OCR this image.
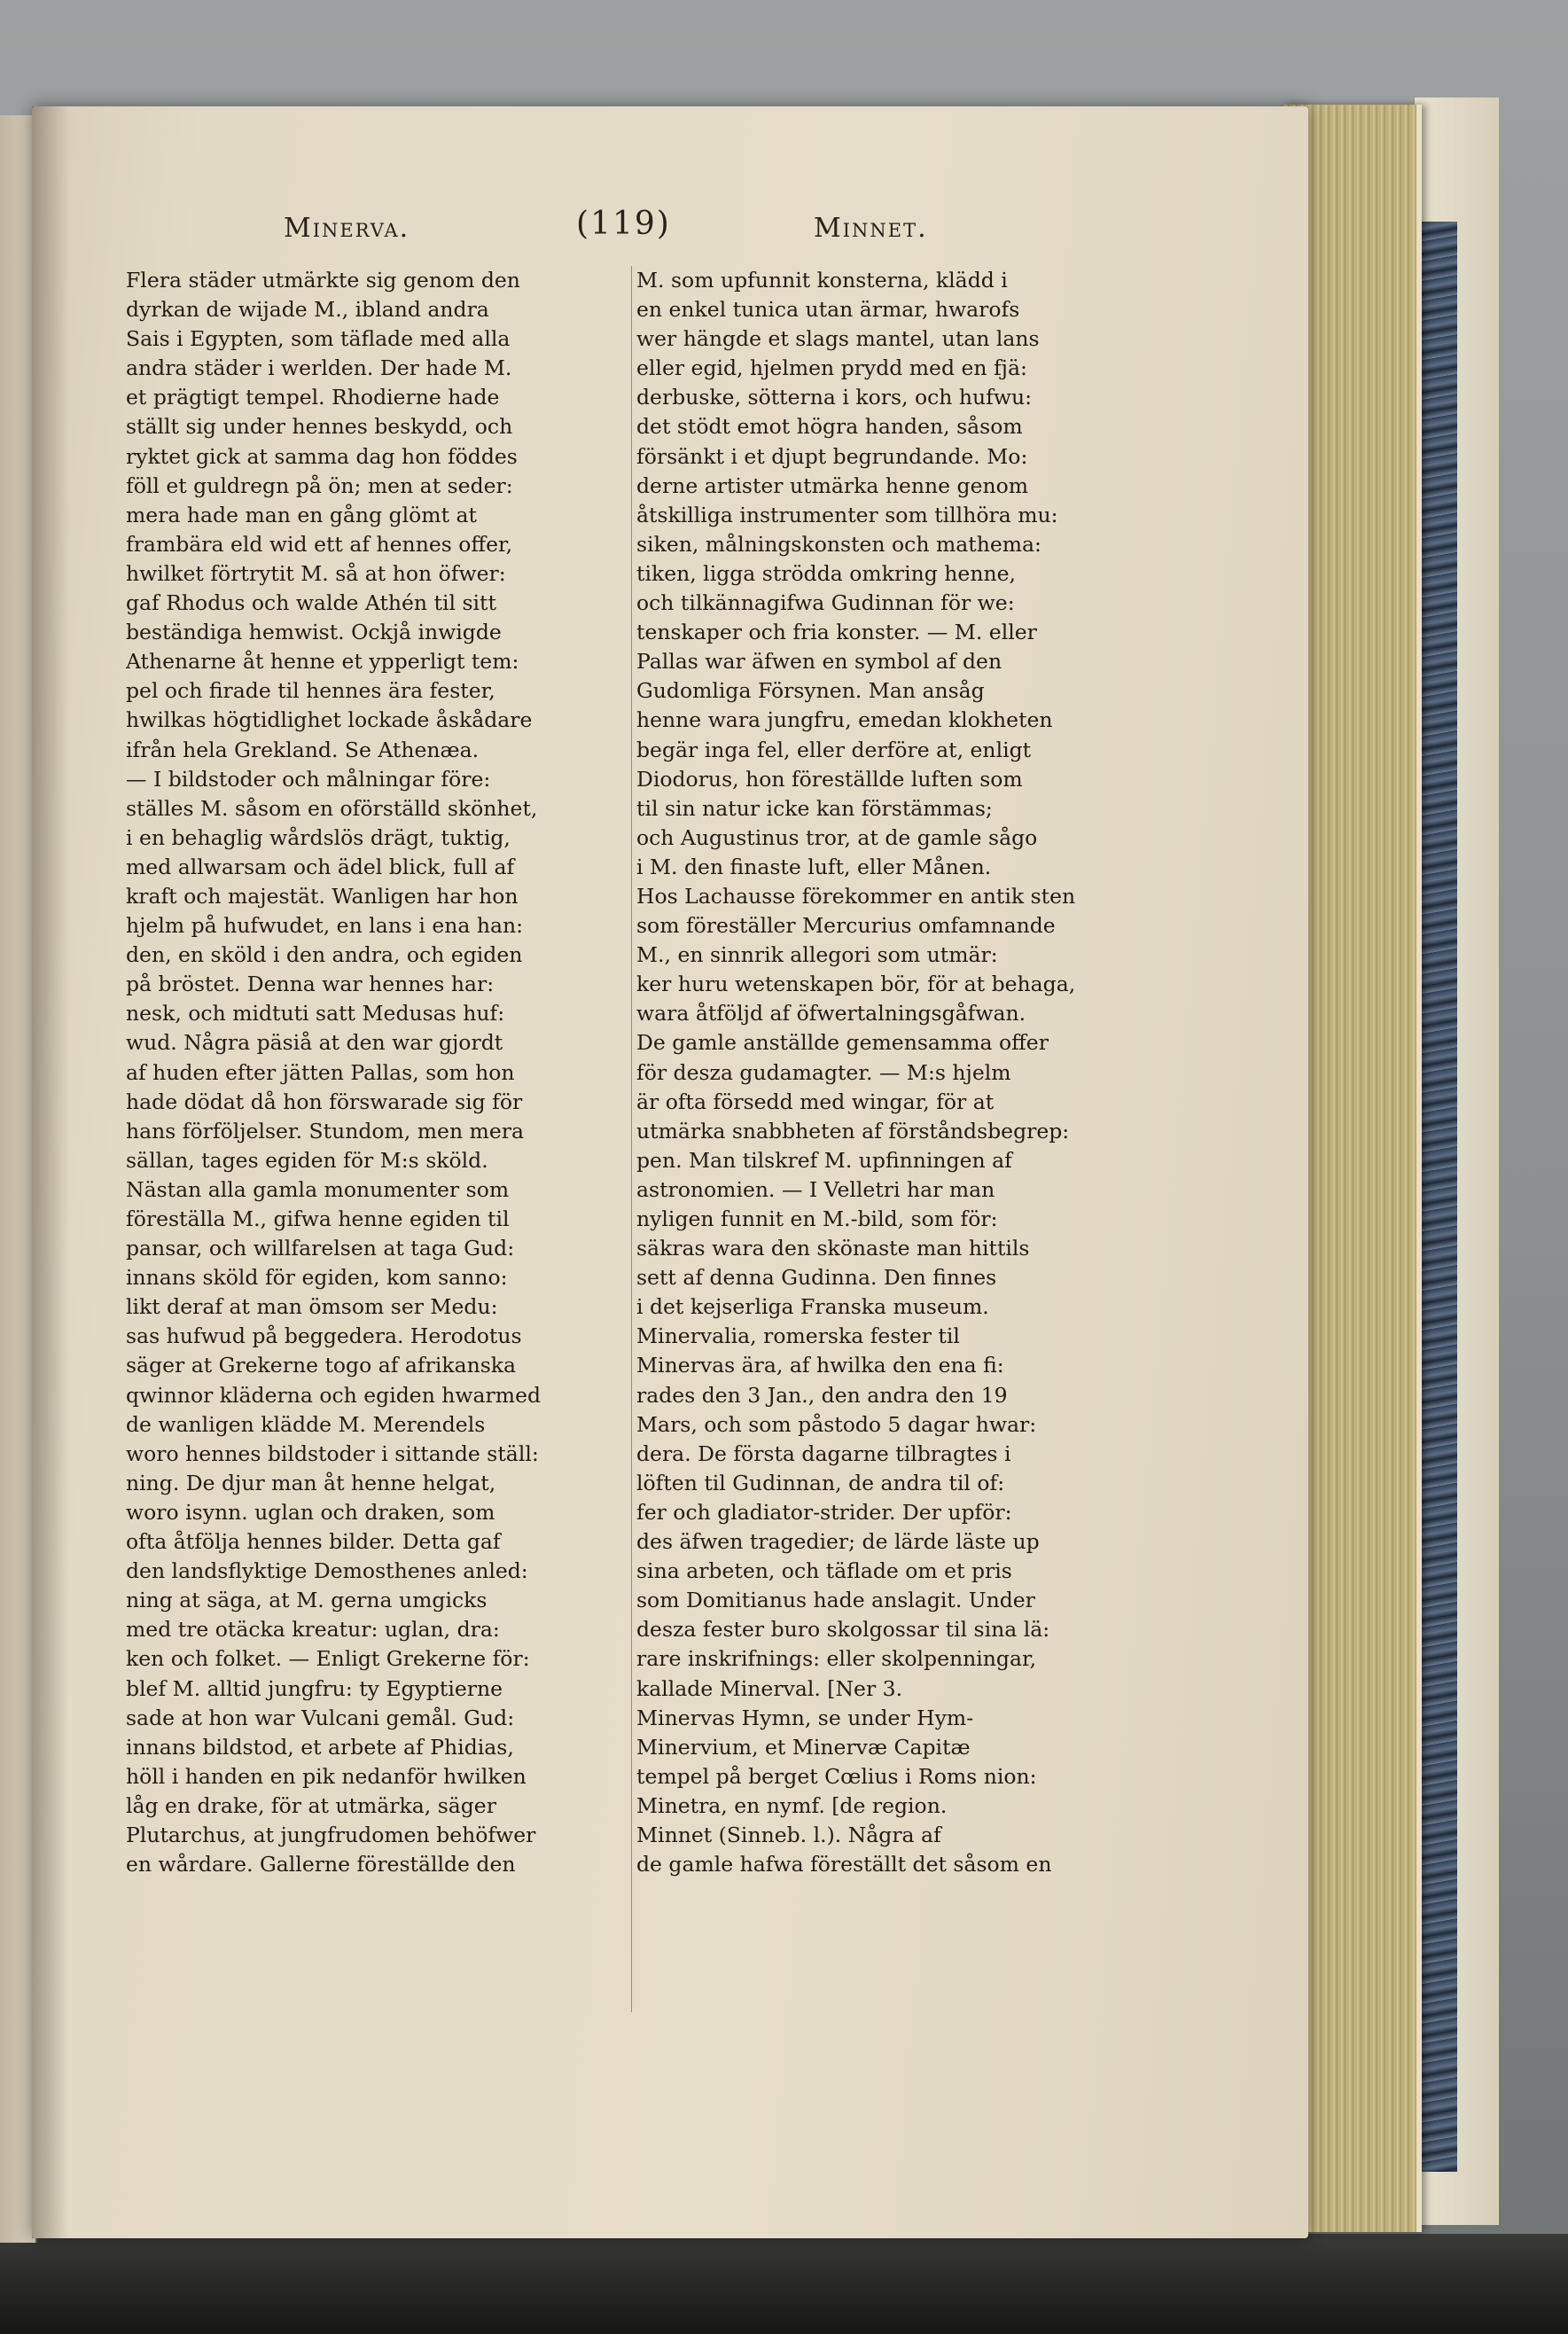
Minerva.	(119)	Minnet.
Flera städer utmärkte sig genom den
dyrkan de wijade M., ibland andra
Sais i Egypten, som täflade med alla
andra städer i werlden. Der hade M.
et prägtigt tempel. Rhodierne hade
ställt sig under hennes beskydd, och
ryktet gick at samma dag hon föddes
föll et guldregn på ön; men at seder:
mera hade man en gång glömt at
frambära eld wid ett af hennes offer,
hwilket förtrytit M. så at hon öfwer:
gaf Rhodus och walde Athén til sitt
beständiga hemwist. Ockjå inwigde
Athenarne åt henne et ypperligt tem:
pel och firade til hennes ära fester,
hwilkas högtidlighet lockade åskådare
ifrån hela Grekland. Se Athenæa.
— I bildstoder och målningar före:
ställes M. såsom en oförställd skönhet,
i en behaglig wårdslös drägt, tuktig,
med allwarsam och ädel blick, full af
kraft och majestät. Wanligen har hon
hjelm på hufwudet, en lans i ena han:
den, en sköld i den andra, och egiden
på bröstet. Denna war hennes har:
nesk, och midtuti satt Medusas huf:
wud. Några päsiå at den war gjordt
af huden efter jätten Pallas, som hon
hade dödat då hon förswarade sig för
hans förföljelser. Stundom, men mera
sällan, tages egiden för M:s sköld.
Nästan alla gamla monumenter som
föreställa M., gifwa henne egiden til
pansar, och willfarelsen at taga Gud:
innans sköld för egiden, kom sanno:
likt deraf at man ömsom ser Medu:
sas hufwud på beggedera. Herodotus
säger at Grekerne togo af afrikanska
qwinnor kläderna och egiden hwarmed
de wanligen klädde M. Merendels
woro hennes bildstoder i sittande ställ:
ning. De djur man åt henne helgat,
woro isynn. uglan och draken, som
ofta åtfölja hennes bilder. Detta gaf
den landsflyktige Demosthenes anled:
ning at säga, at M. gerna umgicks
med tre otäcka kreatur: uglan, dra:
ken och folket. — Enligt Grekerne för:
blef M. alltid jungfru: ty Egyptierne
sade at hon war Vulcani gemål. Gud:
innans bildstod, et arbete af Phidias,
höll i handen en pik nedanför hwilken
låg en drake, för at utmärka, säger
Plutarchus, at jungfrudomen behöfwer
en wårdare. Gallerne föreställde den
M. som upfunnit konsterna, klädd i
en enkel tunica utan ärmar, hwarofs
wer hängde et slags mantel, utan lans
eller egid, hjelmen prydd med en fjä:
derbuske, sötterna i kors, och hufwu:
det stödt emot högra handen, såsom
försänkt i et djupt begrundande. Mo:
derne artister utmärka henne genom
åtskilliga instrumenter som tillhöra mu:
siken, målningskonsten och mathema:
tiken, ligga strödda omkring henne,
och tilkännagifwa Gudinnan för we:
tenskaper och fria konster. — M. eller
Pallas war äfwen en symbol af den
Gudomliga Försynen. Man ansåg
henne wara jungfru, emedan klokheten
begär inga fel, eller derföre at, enligt
Diodorus, hon föreställde luften som
til sin natur icke kan förstämmas;
och Augustinus tror, at de gamle sågo
i M. den finaste luft, eller Månen.
Hos Lachausse förekommer en antik sten
som föreställer Mercurius omfamnande
M., en sinnrik allegori som utmär:
ker huru wetenskapen bör, för at behaga,
wara åtföljd af öfwertalningsgåfwan.
De gamle anställde gemensamma offer
för desza gudamagter. — M:s hjelm
är ofta försedd med wingar, för at
utmärka snabbheten af förståndsbegrep:
pen. Man tilskref M. upfinningen af
astronomien. — I Velletri har man
nyligen funnit en M.-bild, som för:
säkras wara den skönaste man hittils
sett af denna Gudinna. Den finnes
i det kejserliga Franska museum.
Minervalia, romerska fester til
Minervas ära, af hwilka den ena fi:
rades den 3 Jan., den andra den 19
Mars, och som påstodo 5 dagar hwar:
dera. De första dagarne tilbragtes i
löften til Gudinnan, de andra til of:
fer och gladiator-strider. Der upför:
des äfwen tragedier; de lärde läste up
sina arbeten, och täflade om et pris
som Domitianus hade anslagit. Under
desza fester buro skolgossar til sina lä:
rare inskrifnings: eller skolpenningar,
kallade Minerval. [Ner 3.
Minervas Hymn, se under Hym-
Minervium, et Minervæ Capitæ
tempel på berget Cœlius i Roms nion:
Minetra, en nymf. [de region.
Minnet (Sinneb. l.). Några af
de gamle hafwa föreställt det såsom en
